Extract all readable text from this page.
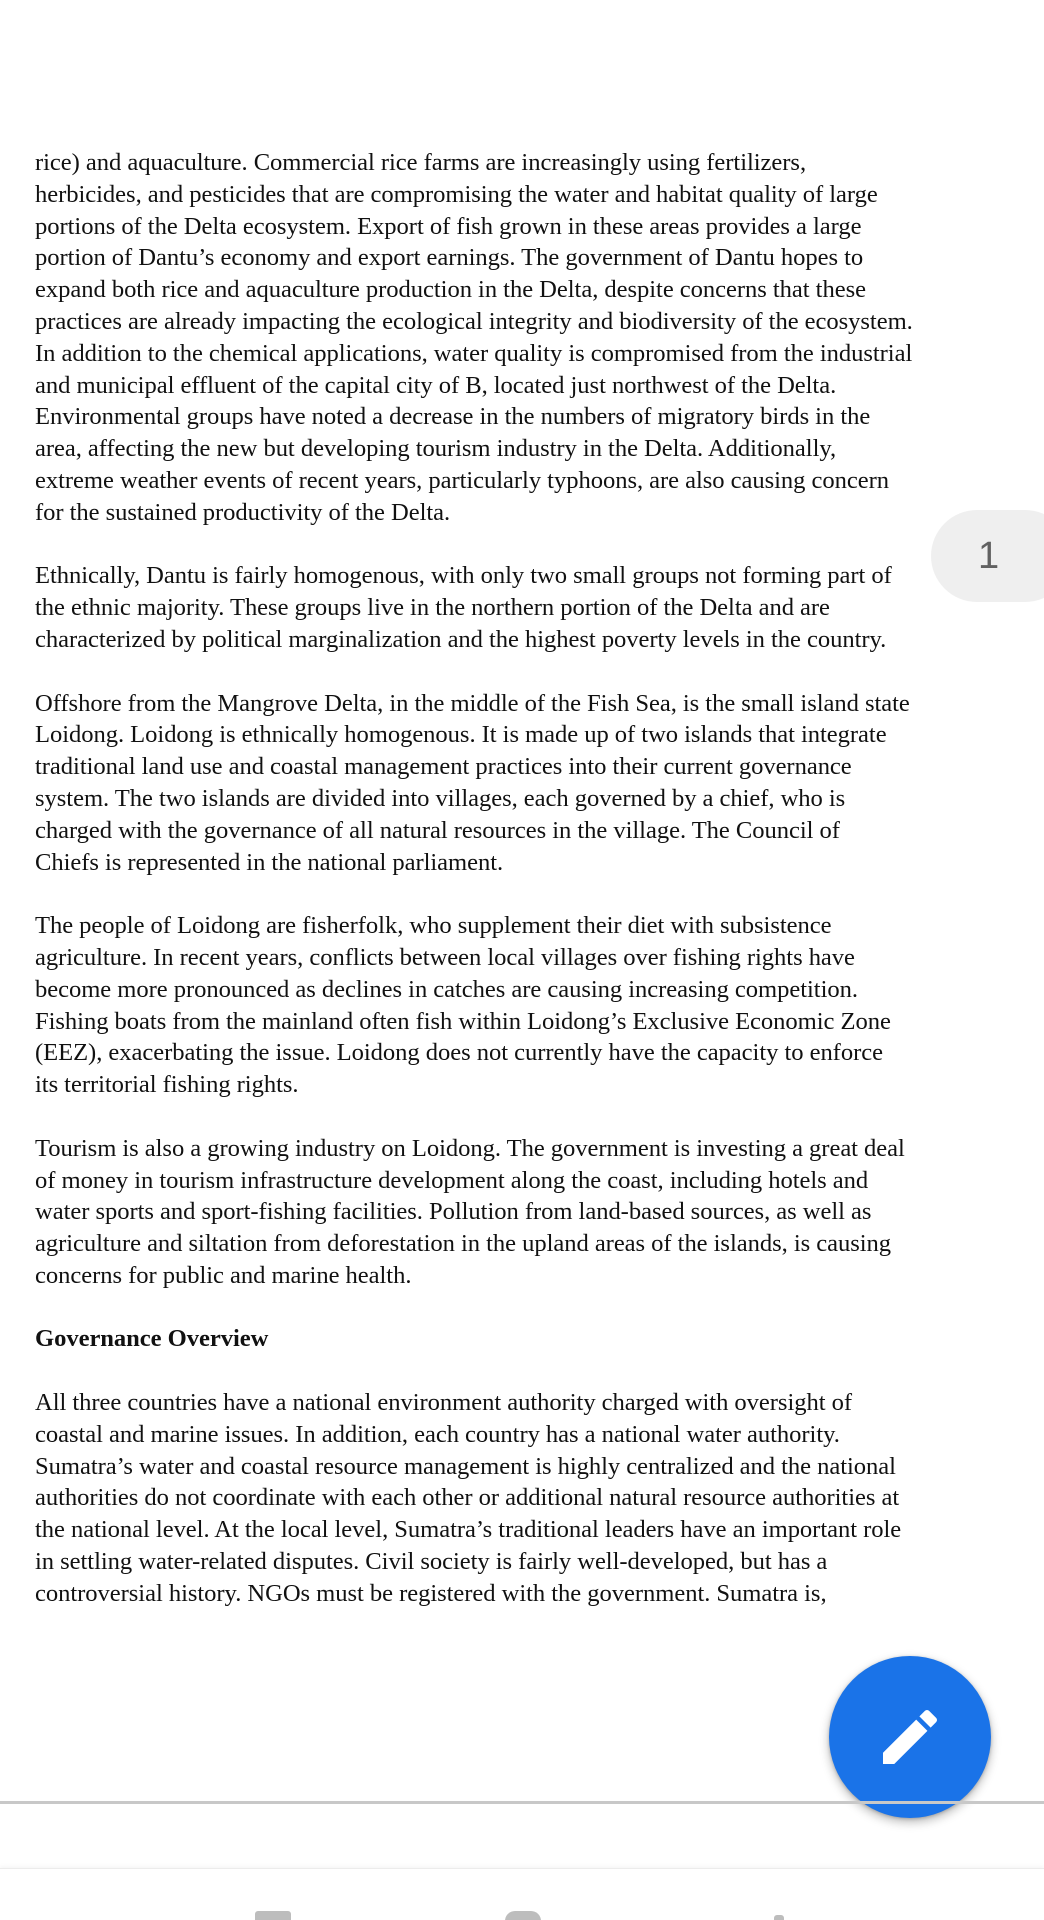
rice) and aquaculture. Commercial rice farms are increasingly using fertilizers,
herbicides, and pesticides that are compromising the water and habitat quality of large
portions of the Delta ecosystem. Export of fish grown in these areas provides a large
portion of Dantu’s economy and export earnings. The government of Dantu hopes to
expand both rice and aquaculture production in the Delta, despite concerns that these
practices are already impacting the ecological integrity and biodiversity of the ecosystem.
In addition to the chemical applications, water quality is compromised from the industrial
and municipal effluent of the capital city of B, located just northwest of the Delta.
Environmental groups have noted a decrease in the numbers of migratory birds in the
area, affecting the new but developing tourism industry in the Delta. Additionally,
extreme weather events of recent years, particularly typhoons, are also causing concern
for the sustained productivity of the Delta.
Ethnically, Dantu is fairly homogenous, with only two small groups not forming part of
the ethnic majority. These groups live in the northern portion of the Delta and are
characterized by political marginalization and the highest poverty levels in the country.
Offshore from the Mangrove Delta, in the middle of the Fish Sea, is the small island state
Loidong. Loidong is ethnically homogenous. It is made up of two islands that integrate
traditional land use and coastal management practices into their current governance
system. The two islands are divided into villages, each governed by a chief, who is
charged with the governance of all natural resources in the village. The Council of
Chiefs is represented in the national parliament.
The people of Loidong are fisherfolk, who supplement their diet with subsistence
agriculture. In recent years, conflicts between local villages over fishing rights have
become more pronounced as declines in catches are causing increasing competition.
Fishing boats from the mainland often fish within Loidong’s Exclusive Economic Zone
(EEZ), exacerbating the issue. Loidong does not currently have the capacity to enforce
its territorial fishing rights.
Tourism is also a growing industry on Loidong. The government is investing a great deal
of money in tourism infrastructure development along the coast, including hotels and
water sports and sport-fishing facilities. Pollution from land-based sources, as well as
agriculture and siltation from deforestation in the upland areas of the islands, is causing
concerns for public and marine health.
Governance Overview
All three countries have a national environment authority charged with oversight of
coastal and marine issues. In addition, each country has a national water authority.
Sumatra’s water and coastal resource management is highly centralized and the national
authorities do not coordinate with each other or additional natural resource authorities at
the national level. At the local level, Sumatra’s traditional leaders have an important role
in settling water-related disputes. Civil society is fairly well-developed, but has a
controversial history. NGOs must be registered with the government. Sumatra is,
1
